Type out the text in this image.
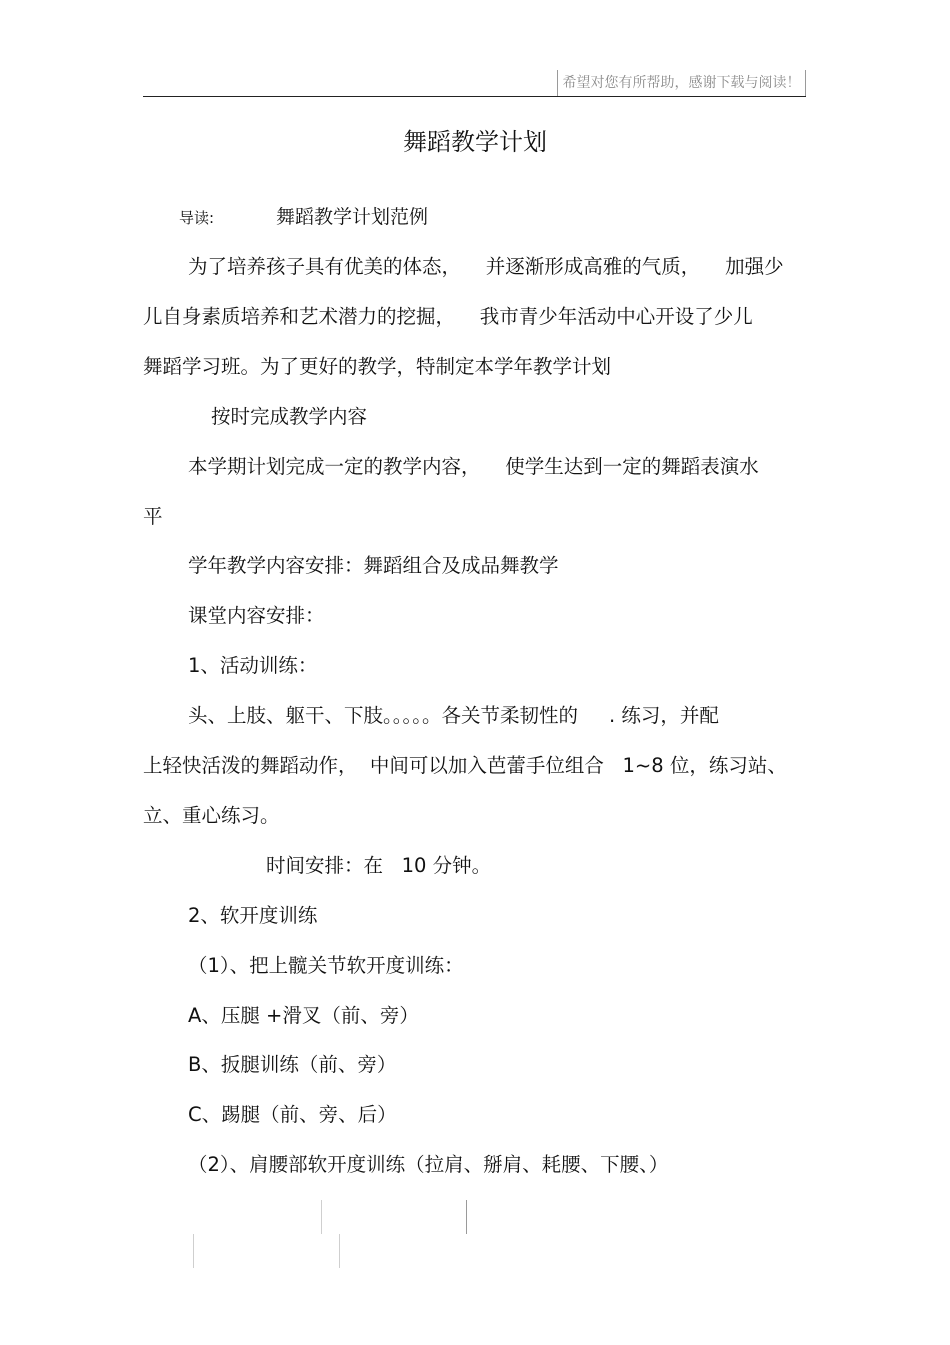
希望对您有所帮助，感谢下载与阅读！
舞蹈教学计划
导读:	舞蹈教学计划范例
为了培养孩子具有优美的体态，    并逐渐形成高雅的气质，    加强少
儿自身素质培养和艺术潜力的挖掘，    我市青少年活动中心开设了少儿
舞蹈学习班。为了更好的教学，特制定本学年教学计划
按时完成教学内容
本学期计划完成一定的教学内容，    使学生达到一定的舞蹈表演水
平
学年教学内容安排：舞蹈组合及成品舞教学
课堂内容安排：
1、活动训练：
头、上肢、躯干、下肢。。。。。各关节柔韧性的     . 练习，并配
上轻快活泼的舞蹈动作，  中间可以加入芭蕾手位组合   1~8 位，练习站、
立、重心练习。
时间安排：在   10 分钟。
2、软开度训练
（1）、把上髋关节软开度训练：
A、压腿 +滑叉（前、旁）
B、扳腿训练（前、旁）
C、踢腿（前、旁、后）
（2）、肩腰部软开度训练（拉肩、掰肩、耗腰、下腰、）
